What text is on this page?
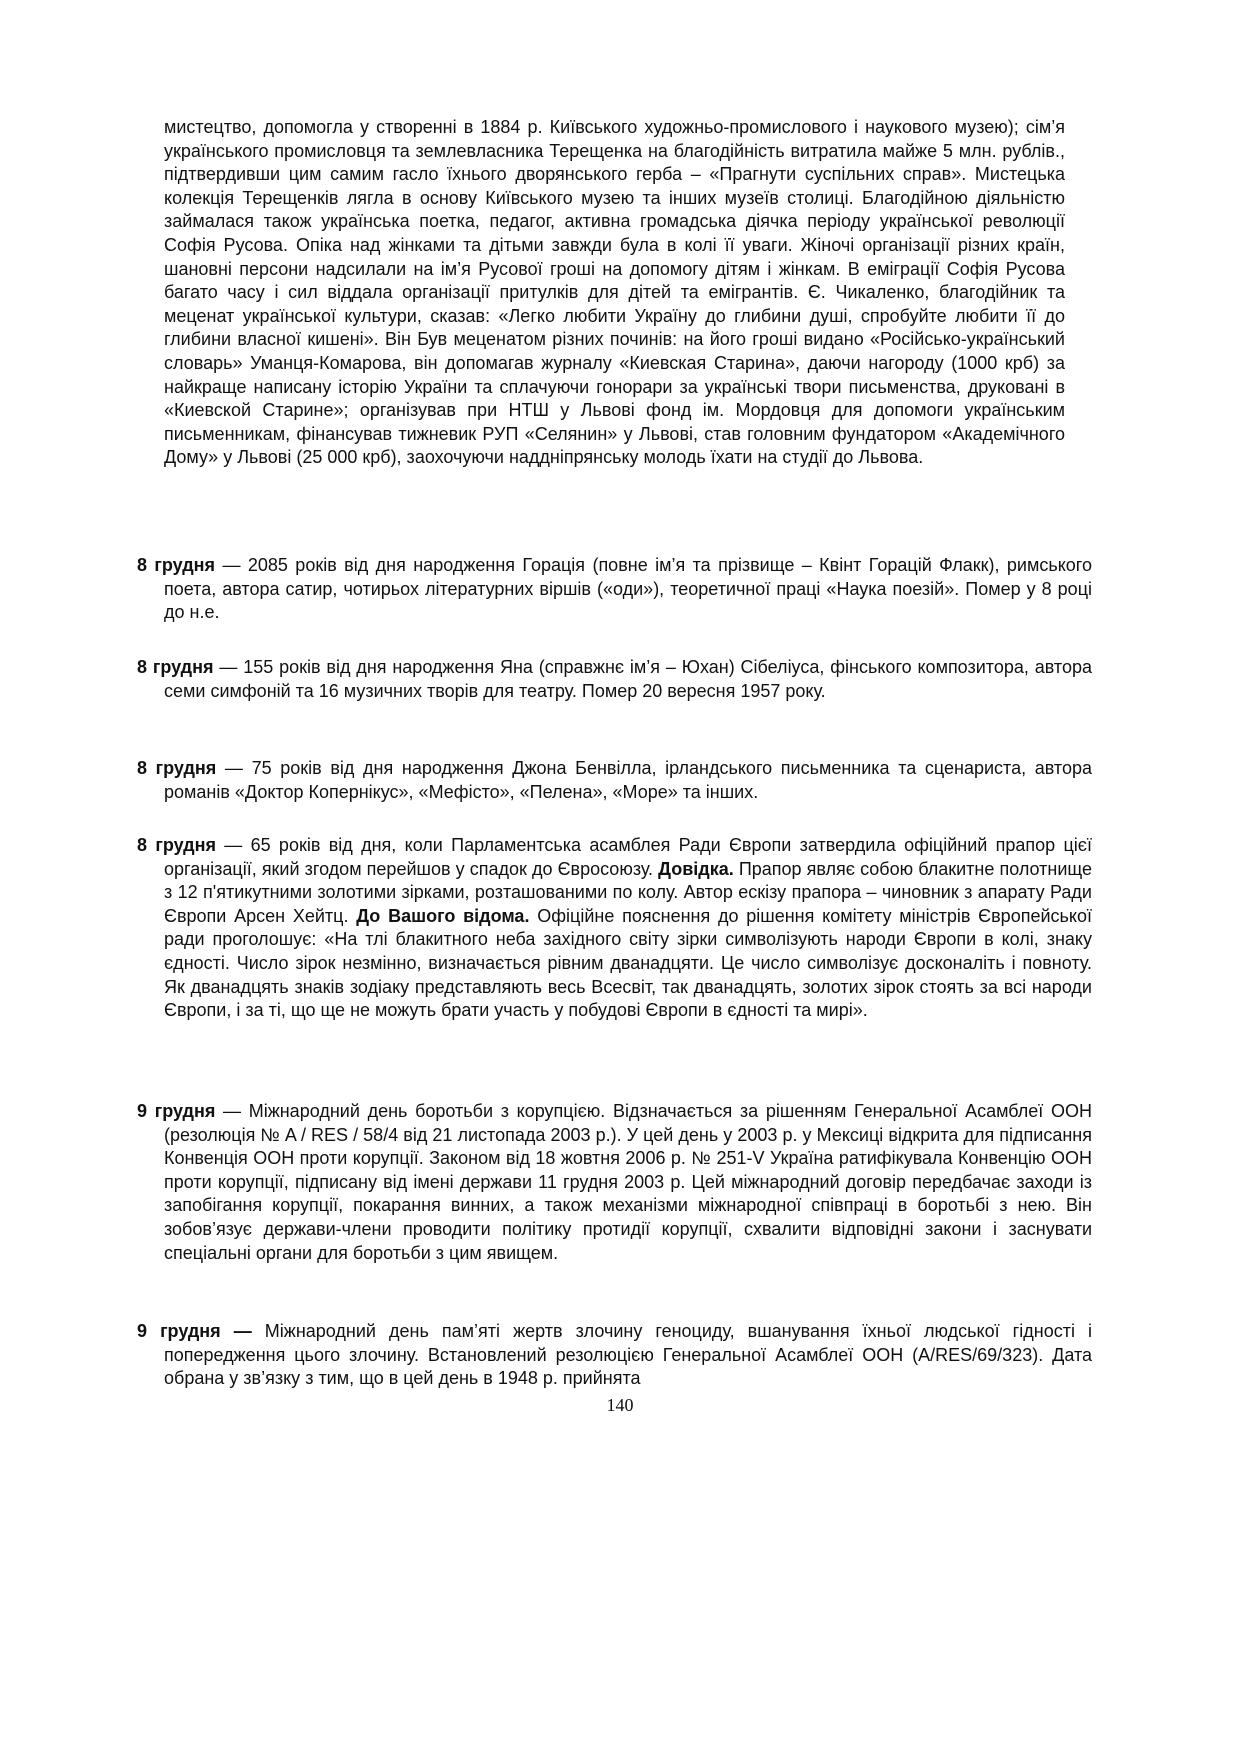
мистецтво, допомогла у створенні в 1884 р. Київського художньо-промислового і наукового музею); сім’я українського промисловця та землевласника Терещенка на благодійність витратила майже 5 млн. рублів., підтвердивши цим самим гасло їхнього дворянського герба – «Прагнути суспільних справ». Мистецька колекція Терещенків лягла в основу Київського музею та інших музеїв столиці. Благодійною діяльністю займалася також українська поетка, педагог, активна громадська діячка періоду української революції Софія Русова. Опіка над жінками та дітьми завжди була в колі її уваги. Жіночі організації різних країн, шановні персони надсилали на ім’я Русової гроші на допомогу дітям і жінкам. В еміграції Софія Русова багато часу і сил віддала організації притулків для дітей та емігрантів. Є. Чикаленко, благодійник та меценат української культури, сказав: «Легко любити Україну до глибини душі, спробуйте любити її до глибини власної кишені». Він Був меценатом різних починів: на його гроші видано «Російсько-український словарь» Уманця-Комарова, він допомагав журналу «Киевская Старина», даючи нагороду (1000 крб) за найкраще написану історію України та сплачуючи гонорари за українські твори письменства, друковані в «Киевской Старине»; організував при НТШ у Львові фонд ім. Мордовця для допомоги українським письменникам, фінансував тижневик РУП «Селянин» у Львові, став головним фундатором «Академічного Дому» у Львові (25 000 крб), заохочуючи наддніпрянську молодь їхати на студії до Львова.

8 грудня — 2085 років від дня народження Горація (повне ім’я та прізвище – Квінт Горацій Флакк), римського поета, автора сатир, чотирьох літературних віршів («оди»), теоретичної праці «Наука поезій». Помер у 8 році до н.е.

8 грудня — 155 років від дня народження Яна (справжнє ім’я – Юхан) Сібеліуса, фінського композитора, автора семи симфоній та 16 музичних творів для театру. Помер 20 вересня 1957 року.

8 грудня — 75 років від дня народження Джона Бенвілла, ірландського письменника та сценариста, автора романів «Доктор Копернікус», «Мефісто», «Пелена», «Море» та інших.

8 грудня — 65 років від дня, коли Парламентська асамблея Ради Європи затвердила офіційний прапор цієї організації, який згодом перейшов у спадок до Євросоюзу. Довідка. Прапор являє собою блакитне полотнище з 12 п'ятикутними золотими зірками, розташованими по колу. Автор ескізу прапора – чиновник з апарату Ради Європи Арсен Хейтц. До Вашого відома. Офіційне пояснення до рішення комітету міністрів Європейської ради проголошує: «На тлі блакитного неба західного світу зірки символізують народи Європи в колі, знаку єдності. Число зірок незмінно, визначається рівним дванадцяти. Це число символізує досконаліть і повноту. Як дванадцять знаків зодіаку представляють весь Всесвіт, так дванадцять, золотих зірок стоять за всі народи Європи, і за ті, що ще не можуть брати участь у побудові Європи в єдності та мирі».

9 грудня — Міжнародний день боротьби з корупцією. Відзначається за рішенням Генеральної Асамблеї ООН (резолюція № A / RES / 58/4 від 21 листопада 2003 р.). У цей день у 2003 р. у Мексиці відкрита для підписання Конвенція ООН проти корупції. Законом від 18 жовтня 2006 р. № 251-V Україна ратифікувала Конвенцію ООН проти корупції, підписану від імені держави 11 грудня 2003 р. Цей міжнародний договір передбачає заходи із запобігання корупції, покарання винних, а також механізми міжнародної співпраці в боротьбі з нею. Він зобов’язує держави-члени проводити політику протидії корупції, схвалити відповідні закони і заснувати спеціальні органи для боротьби з цим явищем.

9 грудня — Міжнародний день пам’яті жертв злочину геноциду, вшанування їхньої людської гідності і попередження цього злочину. Встановлений резолюцією Генеральної Асамблеї ООН (A/RES/69/323). Дата обрана у зв’язку з тим, що в цей день в 1948 р. прийнята

140
